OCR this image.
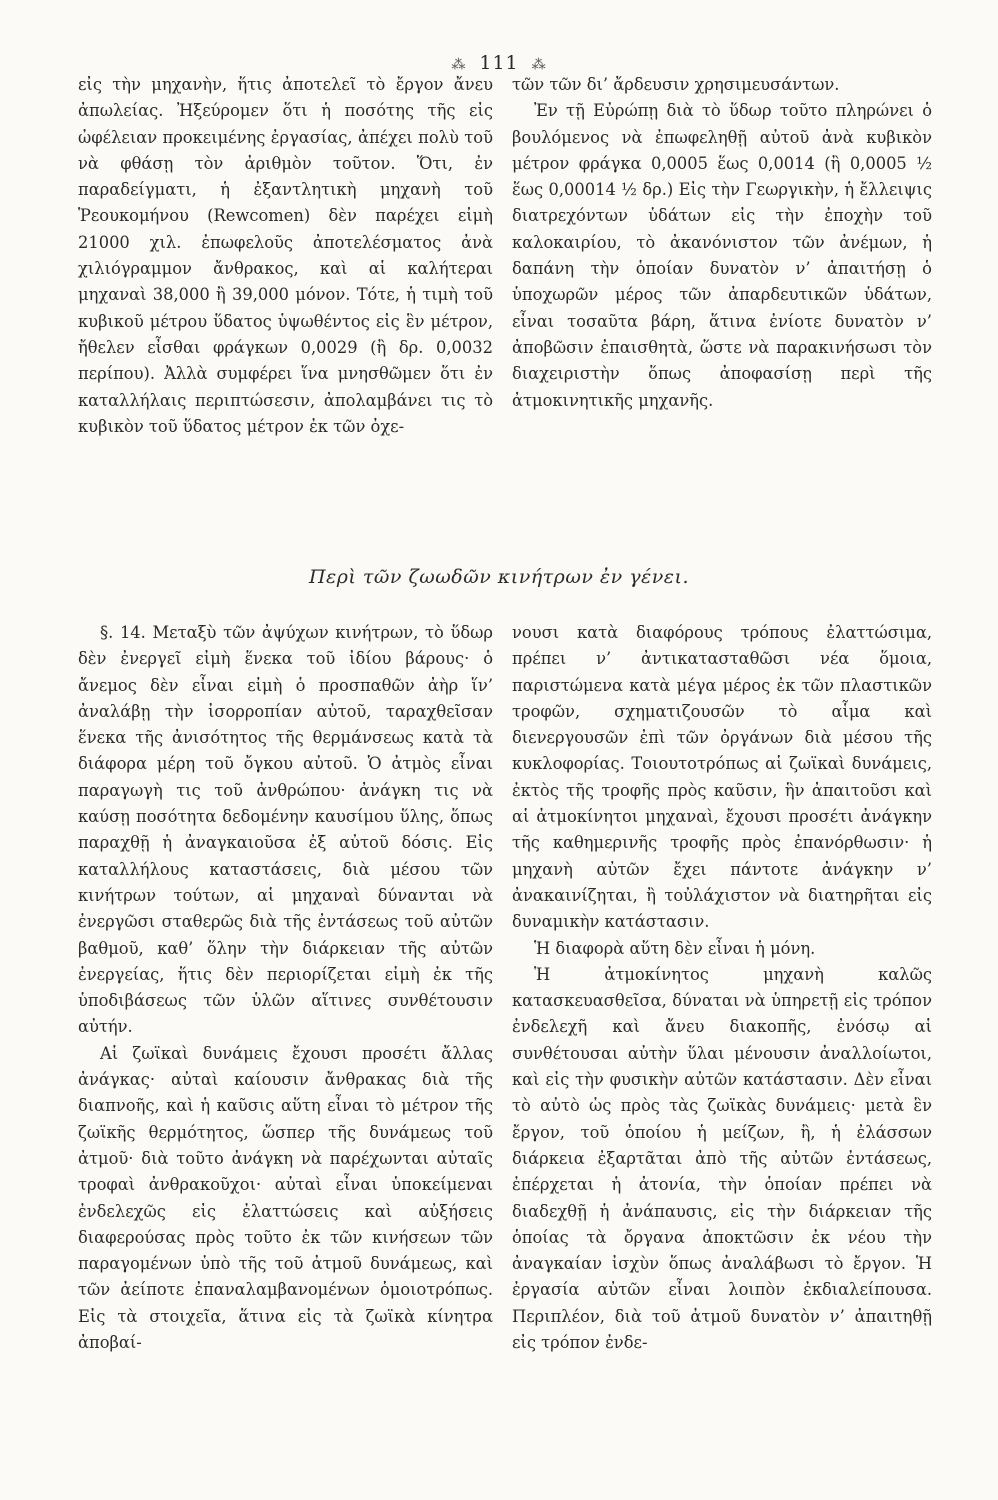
⁂ 111 ⁂

εἰς τὴν μηχανὴν, ἥτις ἀποτελεῖ τὸ ἔργον ἄνευ ἀπωλείας. Ἠξεύρομεν ὅτι ἡ ποσότης τῆς εἰς ὠφέλειαν προκειμένης ἐργασίας, ἀπέχει πολὺ τοῦ νὰ φθάσῃ τὸν ἀριθμὸν τοῦτον. Ὅτι, ἐν παραδείγματι, ἡ ἐξαντλητικὴ μηχανὴ τοῦ Ῥεουκομήνου (Rewcomen) δὲν παρέχει εἰμὴ 21000 χιλ. ἐπωφελοῦς ἀποτελέσματος ἀνὰ χιλιόγραμμον ἄνθρακος, καὶ αἱ καλήτεραι μηχαναὶ 38,000 ἢ 39,000 μόνον. Τότε, ἡ τιμὴ τοῦ κυβικοῦ μέτρου ὕδατος ὑψωθέντος εἰς ἓν μέτρον, ἤθελεν εἶσθαι φράγκων 0,0029 (ἢ δρ. 0,0032 περίπου). Ἀλλὰ συμφέρει ἵνα μνησθῶμεν ὅτι ἐν καταλλήλαις περιπτώσεσιν, ἀπολαμβάνει τις τὸ κυβικὸν τοῦ ὕδατος μέτρον ἐκ τῶν ὀχε-

τῶν τῶν δι’ ἄρδευσιν χρησιμευσάντων.

Ἐν τῇ Εὐρώπῃ διὰ τὸ ὕδωρ τοῦτο πληρώνει ὁ βουλόμενος νὰ ἐπωφεληθῇ αὐτοῦ ἀνὰ κυβικὸν μέτρον φράγκα 0,0005 ἕως 0,0014 (ἢ 0,0005 ½ ἕως 0,00014 ½ δρ.) Εἰς τὴν Γεωργικὴν, ἡ ἔλλειψις διατρεχόντων ὑδάτων εἰς τὴν ἐποχὴν τοῦ καλοκαιρίου, τὸ ἀκανόνιστον τῶν ἀνέμων, ἡ δαπάνη τὴν ὁποίαν δυνατὸν ν’ ἀπαιτήσῃ ὁ ὑποχωρῶν μέρος τῶν ἀπαρδευτικῶν ὑδάτων, εἶναι τοσαῦτα βάρη, ἅτινα ἐνίοτε δυνατὸν ν’ ἀποβῶσιν ἐπαισθητὰ, ὥστε νὰ παρακινήσωσι τὸν διαχειριστὴν ὅπως ἀποφασίσῃ περὶ τῆς ἀτμοκινητικῆς μηχανῆς.

Περὶ τῶν ζωωδῶν κινήτρων ἐν γένει.

§. 14. Μεταξὺ τῶν ἀψύχων κινήτρων, τὸ ὕδωρ δὲν ἐνεργεῖ εἰμὴ ἕνεκα τοῦ ἰδίου βάρους· ὁ ἄνεμος δὲν εἶναι εἰμὴ ὁ προσπαθῶν ἀὴρ ἵν’ ἀναλάβῃ τὴν ἰσορροπίαν αὐτοῦ, ταραχθεῖσαν ἕνεκα τῆς ἀνισότητος τῆς θερμάνσεως κατὰ τὰ διάφορα μέρη τοῦ ὄγκου αὐτοῦ. Ὁ ἀτμὸς εἶναι παραγωγὴ τις τοῦ ἀνθρώπου· ἀνάγκη τις νὰ καύσῃ ποσότητα δεδομένην καυσίμου ὕλης, ὅπως παραχθῇ ἡ ἀναγκαιοῦσα ἐξ αὐτοῦ δόσις. Εἰς καταλλήλους καταστάσεις, διὰ μέσου τῶν κινήτρων τούτων, αἱ μηχαναὶ δύνανται νὰ ἐνεργῶσι σταθερῶς διὰ τῆς ἐντάσεως τοῦ αὐτῶν βαθμοῦ, καθ’ ὅλην τὴν διάρκειαν τῆς αὐτῶν ἐνεργείας, ἥτις δὲν περιορίζεται εἰμὴ ἐκ τῆς ὑποδιβάσεως τῶν ὑλῶν αἵτινες συνθέτουσιν αὐτήν.

Αἱ ζωϊκαὶ δυνάμεις ἔχουσι προσέτι ἄλλας ἀνάγκας· αὐταὶ καίουσιν ἄνθρακας διὰ τῆς διαπνοῆς, καὶ ἡ καῦσις αὕτη εἶναι τὸ μέτρον τῆς ζωϊκῆς θερμότητος, ὥσπερ τῆς δυνάμεως τοῦ ἀτμοῦ· διὰ τοῦτο ἀνάγκη νὰ παρέχωνται αὐταῖς τροφαὶ ἀνθρακοῦχοι· αὐταὶ εἶναι ὑποκείμεναι ἐνδελεχῶς εἰς ἐλαττώσεις καὶ αὐξήσεις διαφερούσας πρὸς τοῦτο ἐκ τῶν κινήσεων τῶν παραγομένων ὑπὸ τῆς τοῦ ἀτμοῦ δυνάμεως, καὶ τῶν ἀείποτε ἐπαναλαμβανομένων ὁμοιοτρόπως. Εἰς τὰ στοιχεῖα, ἅτινα εἰς τὰ ζωϊκὰ κίνητρα ἀποβαί-

νουσι κατὰ διαφόρους τρόπους ἐλαττώσιμα, πρέπει ν’ ἀντικατασταθῶσι νέα ὅμοια, παριστώμενα κατὰ μέγα μέρος ἐκ τῶν πλαστικῶν τροφῶν, σχηματιζουσῶν τὸ αἷμα καὶ διενεργουσῶν ἐπὶ τῶν ὀργάνων διὰ μέσου τῆς κυκλοφορίας. Τοιουτοτρόπως αἱ ζωϊκαὶ δυνάμεις, ἐκτὸς τῆς τροφῆς πρὸς καῦσιν, ἣν ἀπαιτοῦσι καὶ αἱ ἀτμοκίνητοι μηχαναὶ, ἔχουσι προσέτι ἀνάγκην τῆς καθημερινῆς τροφῆς πρὸς ἐπανόρθωσιν· ἡ μηχανὴ αὐτῶν ἔχει πάντοτε ἀνάγκην ν’ ἀνακαινίζηται, ἢ τοὐλάχιστον νὰ διατηρῆται εἰς δυναμικὴν κατάστασιν.

Ἡ διαφορὰ αὕτη δὲν εἶναι ἡ μόνη.

Ἡ ἀτμοκίνητος μηχανὴ καλῶς κατασκευασθεῖσα, δύναται νὰ ὑπηρετῇ εἰς τρόπον ἐνδελεχῆ καὶ ἄνευ διακοπῆς, ἐνόσῳ αἱ συνθέτουσαι αὐτὴν ὕλαι μένουσιν ἀναλλοίωτοι, καὶ εἰς τὴν φυσικὴν αὐτῶν κατάστασιν. Δὲν εἶναι τὸ αὐτὸ ὡς πρὸς τὰς ζωϊκὰς δυνάμεις· μετὰ ἓν ἔργον, τοῦ ὁποίου ἡ μείζων, ἢ, ἡ ἐλάσσων διάρκεια ἐξαρτᾶται ἀπὸ τῆς αὐτῶν ἐντάσεως, ἐπέρχεται ἡ ἀτονία, τὴν ὁποίαν πρέπει νὰ διαδεχθῇ ἡ ἀνάπαυσις, εἰς τὴν διάρκειαν τῆς ὁποίας τὰ ὄργανα ἀποκτῶσιν ἐκ νέου τὴν ἀναγκαίαν ἰσχὺν ὅπως ἀναλάβωσι τὸ ἔργον. Ἡ ἐργασία αὐτῶν εἶναι λοιπὸν ἐκδιαλείπουσα. Περιπλέον, διὰ τοῦ ἀτμοῦ δυνατὸν ν’ ἀπαιτηθῇ εἰς τρόπον ἐνδε-
